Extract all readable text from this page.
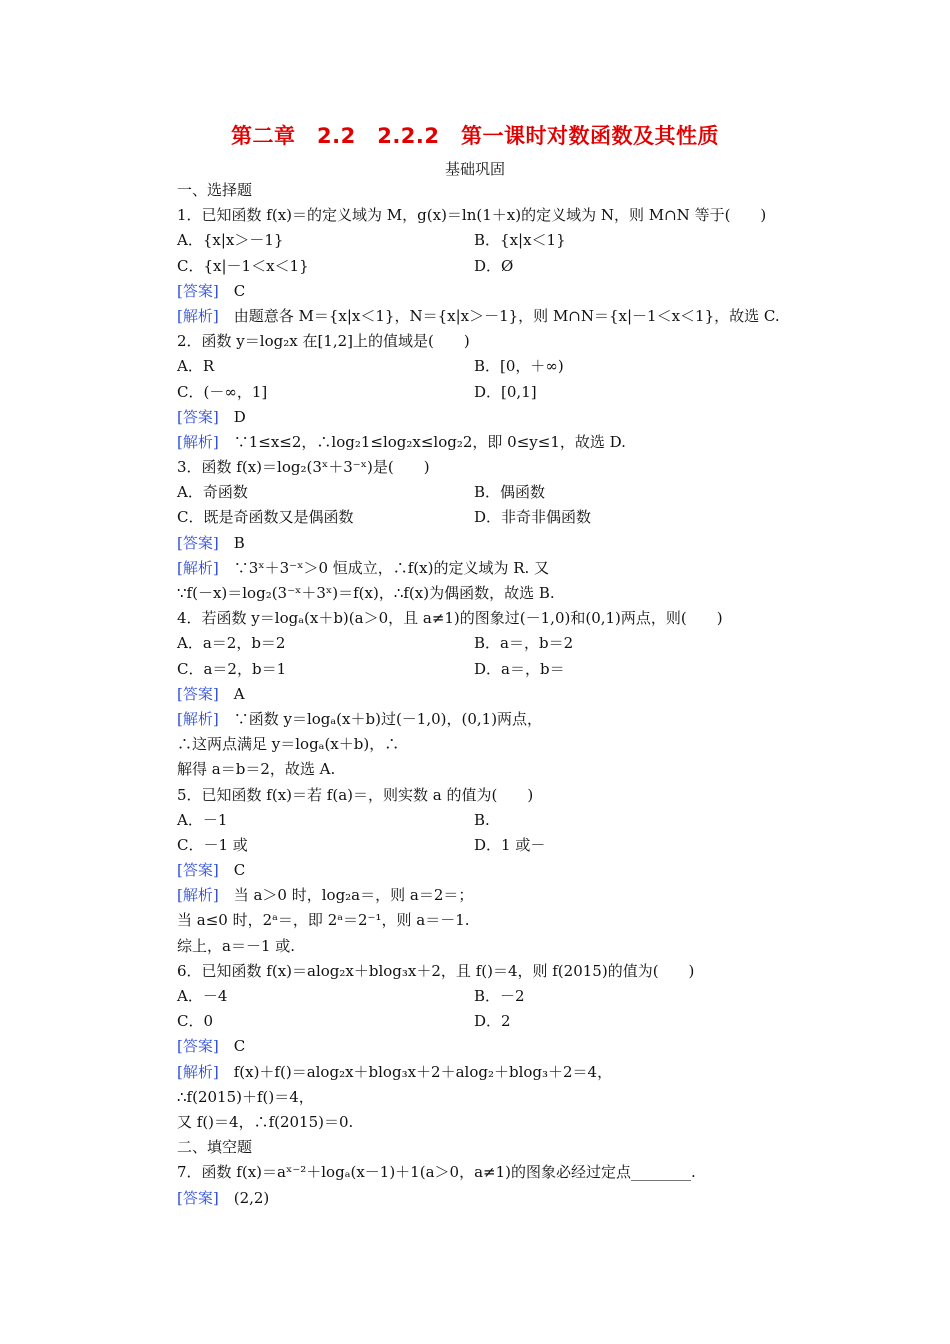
第二章　2.2　2.2.2　第一课时对数函数及其性质
基础巩固
一、选择题
1．已知函数 f(x)＝的定义域为 M，g(x)＝ln(1＋x)的定义域为 N，则 M∩N 等于(　　)
A．{x|x＞－1}	B．{x|x＜1}
C．{x|－1＜x＜1}	D．Ø
[答案]　C
[解析]　由题意各 M＝{x|x＜1}，N＝{x|x＞－1}，则 M∩N＝{x|－1＜x＜1}，故选 C.
2．函数 y＝log₂x 在[1,2]上的值域是(　　)
A．R	B．[0，＋∞)
C．(－∞，1]	D．[0,1]
[答案]　D
[解析]　∵1≤x≤2，∴log₂1≤log₂x≤log₂2，即 0≤y≤1，故选 D.
3．函数 f(x)＝log₂(3ˣ＋3⁻ˣ)是(　　)
A．奇函数	B．偶函数
C．既是奇函数又是偶函数	D．非奇非偶函数
[答案]　B
[解析]　∵3ˣ＋3⁻ˣ＞0 恒成立，∴f(x)的定义域为 R. 又
∵f(－x)＝log₂(3⁻ˣ＋3ˣ)＝f(x)，∴f(x)为偶函数，故选 B.
4．若函数 y＝logₐ(x＋b)(a＞0，且 a≠1)的图象过(－1,0)和(0,1)两点，则(　　)
A．a＝2，b＝2	B．a＝，b＝2
C．a＝2，b＝1	D．a＝，b＝
[答案]　A
[解析]　∵函数 y＝logₐ(x＋b)过(－1,0)，(0,1)两点，
∴这两点满足 y＝logₐ(x＋b)，∴
解得 a＝b＝2，故选 A.
5．已知函数 f(x)＝若 f(a)＝，则实数 a 的值为(　　)
A．－1	B.
C．－1 或	D．1 或－
[答案]　C
[解析]　当 a＞0 时，log₂a＝，则 a＝2＝；
当 a≤0 时，2ᵃ＝，即 2ᵃ＝2⁻¹，则 a＝－1.
综上，a＝－1 或.
6．已知函数 f(x)＝alog₂x＋blog₃x＋2，且 f()＝4，则 f(2015)的值为(　　)
A．－4	B．－2
C．0	D．2
[答案]　C
[解析]　f(x)＋f()＝alog₂x＋blog₃x＋2＋alog₂＋blog₃＋2＝4，
∴f(2015)＋f()＝4，
又 f()＝4，∴f(2015)＝0.
二、填空题
7．函数 f(x)＝aˣ⁻²＋logₐ(x－1)＋1(a＞0，a≠1)的图象必经过定点________.
[答案]　(2,2)
